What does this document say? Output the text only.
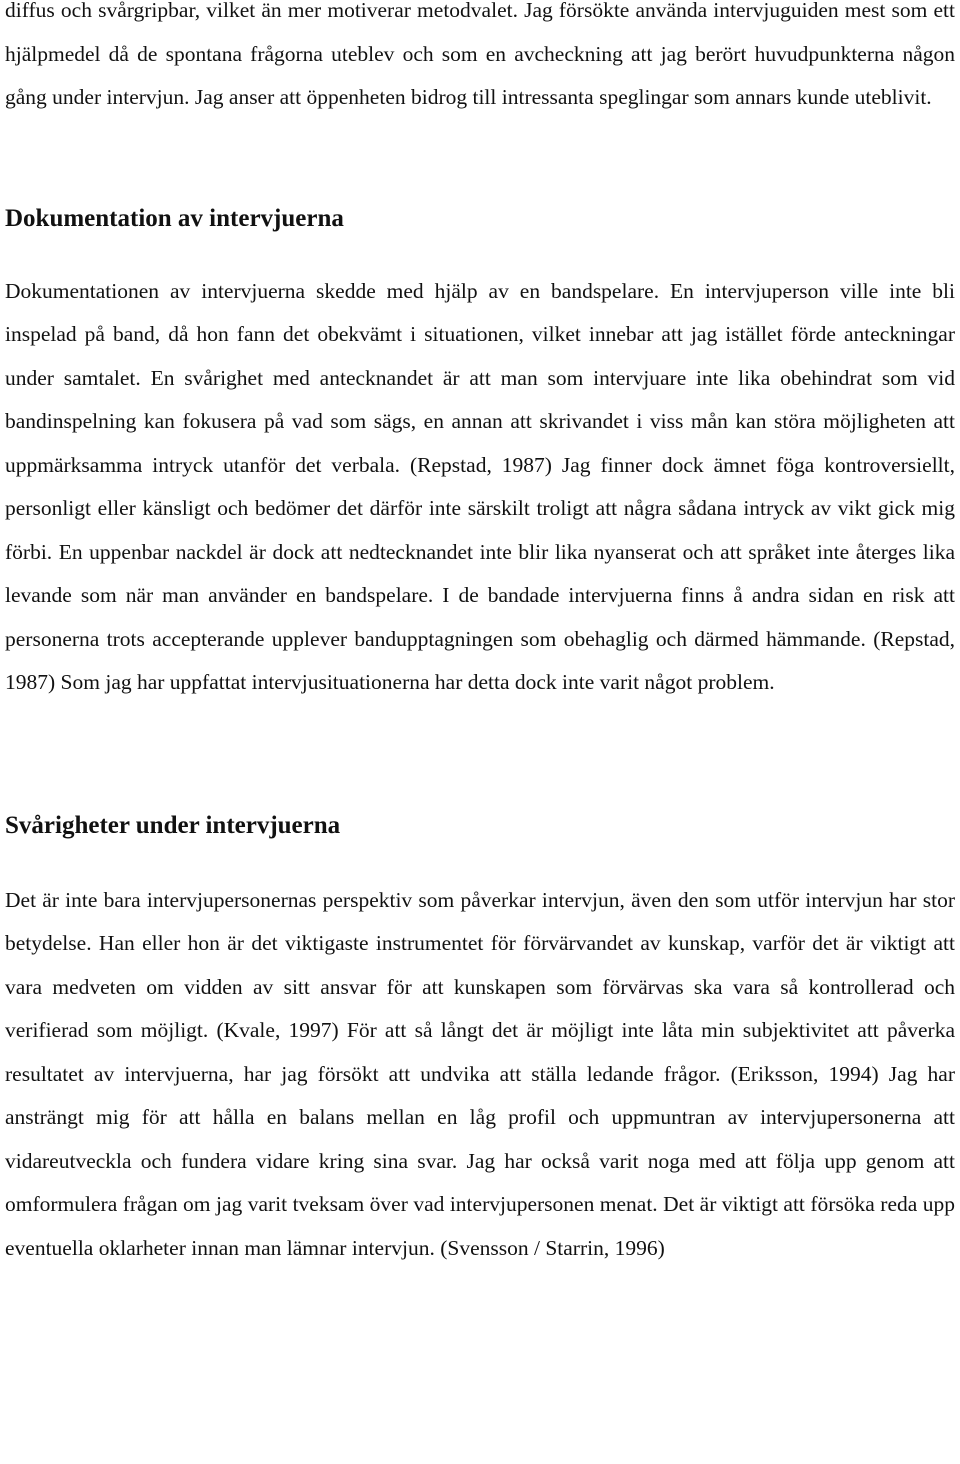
diffus och svårgripbar, vilket än mer motiverar metodvalet. Jag försökte använda intervjuguiden mest som ett hjälpmedel då de spontana frågorna uteblev och som en avcheckning att jag berört huvudpunkterna någon gång under intervjun. Jag anser att öppenheten bidrog till intressanta speglingar som annars kunde uteblivit.

Dokumentation av intervjuerna

Dokumentationen av intervjuerna skedde med hjälp av en bandspelare. En intervjuperson ville inte bli inspelad på band, då hon fann det obekvämt i situationen, vilket innebar att jag istället förde anteckningar under samtalet. En svårighet med antecknandet är att man som intervjuare inte lika obehindrat som vid bandinspelning kan fokusera på vad som sägs, en annan att skrivandet i viss mån kan störa möjligheten att uppmärksamma intryck utanför det verbala. (Repstad, 1987) Jag finner dock ämnet föga kontroversiellt, personligt eller känsligt och bedömer det därför inte särskilt troligt att några sådana intryck av vikt gick mig förbi. En uppenbar nackdel är dock att nedtecknandet inte blir lika nyanserat och att språket inte återges lika levande som när man använder en bandspelare. I de bandade intervjuerna finns å andra sidan en risk att personerna trots accepterande upplever bandupptagningen som obehaglig och därmed hämmande. (Repstad, 1987) Som jag har uppfattat intervjusituationerna har detta dock inte varit något problem.

Svårigheter under intervjuerna

Det är inte bara intervjupersonernas perspektiv som påverkar intervjun, även den som utför intervjun har stor betydelse. Han eller hon är det viktigaste instrumentet för förvärvandet av kunskap, varför det är viktigt att vara medveten om vidden av sitt ansvar för att kunskapen som förvärvas ska vara så kontrollerad och verifierad som möjligt. (Kvale, 1997) För att så långt det är möjligt inte låta min subjektivitet att påverka resultatet av intervjuerna, har jag försökt att undvika att ställa ledande frågor. (Eriksson, 1994) Jag har ansträngt mig för att hålla en balans mellan en låg profil och uppmuntran av intervjupersonerna att vidareutveckla och fundera vidare kring sina svar. Jag har också varit noga med att följa upp genom att omformulera frågan om jag varit tveksam över vad intervjupersonen menat. Det är viktigt att försöka reda upp eventuella oklarheter innan man lämnar intervjun. (Svensson / Starrin, 1996)
